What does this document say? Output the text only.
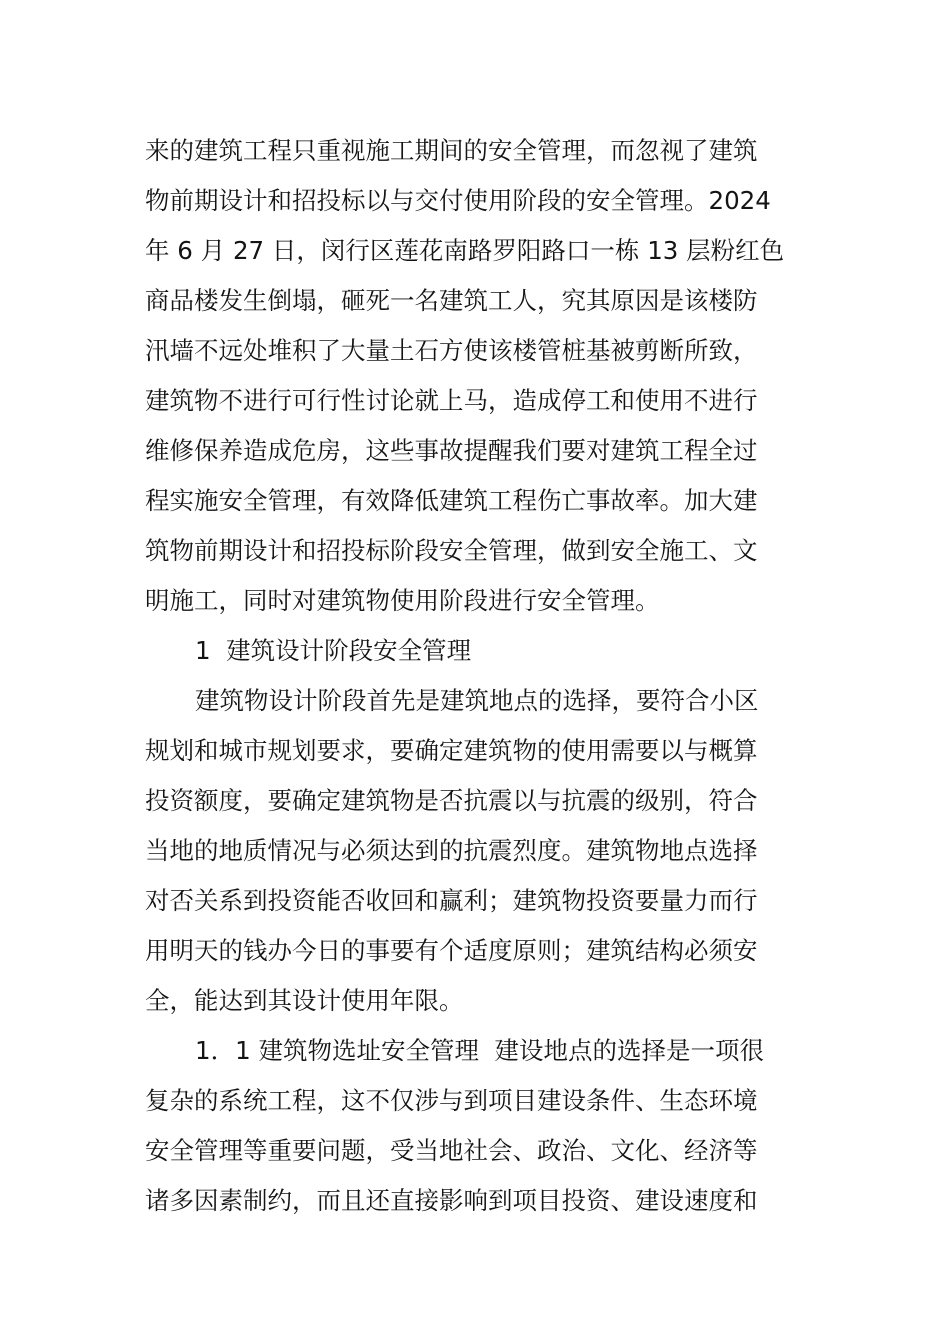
来的建筑工程只重视施工期间的安全管理，而忽视了建筑
物前期设计和招投标以与交付使用阶段的安全管理。2024
年 6 月 27 日，闵行区莲花南路罗阳路口一栋 13 层粉红色
商品楼发生倒塌，砸死一名建筑工人，究其原因是该楼防
汛墙不远处堆积了大量土石方使该楼管桩基被剪断所致，
建筑物不进行可行性讨论就上马，造成停工和使用不进行
维修保养造成危房，这些事故提醒我们要对建筑工程全过
程实施安全管理，有效降低建筑工程伤亡事故率。加大建
筑物前期设计和招投标阶段安全管理，做到安全施工、文
明施工，同时对建筑物使用阶段进行安全管理。
1  建筑设计阶段安全管理
建筑物设计阶段首先是建筑地点的选择，要符合小区
规划和城市规划要求，要确定建筑物的使用需要以与概算
投资额度，要确定建筑物是否抗震以与抗震的级别，符合
当地的地质情况与必须达到的抗震烈度。建筑物地点选择
对否关系到投资能否收回和赢利；建筑物投资要量力而行
用明天的钱办今日的事要有个适度原则；建筑结构必须安
全，能达到其设计使用年限。
1．1 建筑物选址安全管理  建设地点的选择是一项很
复杂的系统工程，这不仅涉与到项目建设条件、生态环境
安全管理等重要问题，受当地社会、政治、文化、经济等
诸多因素制约，而且还直接影响到项目投资、建设速度和
